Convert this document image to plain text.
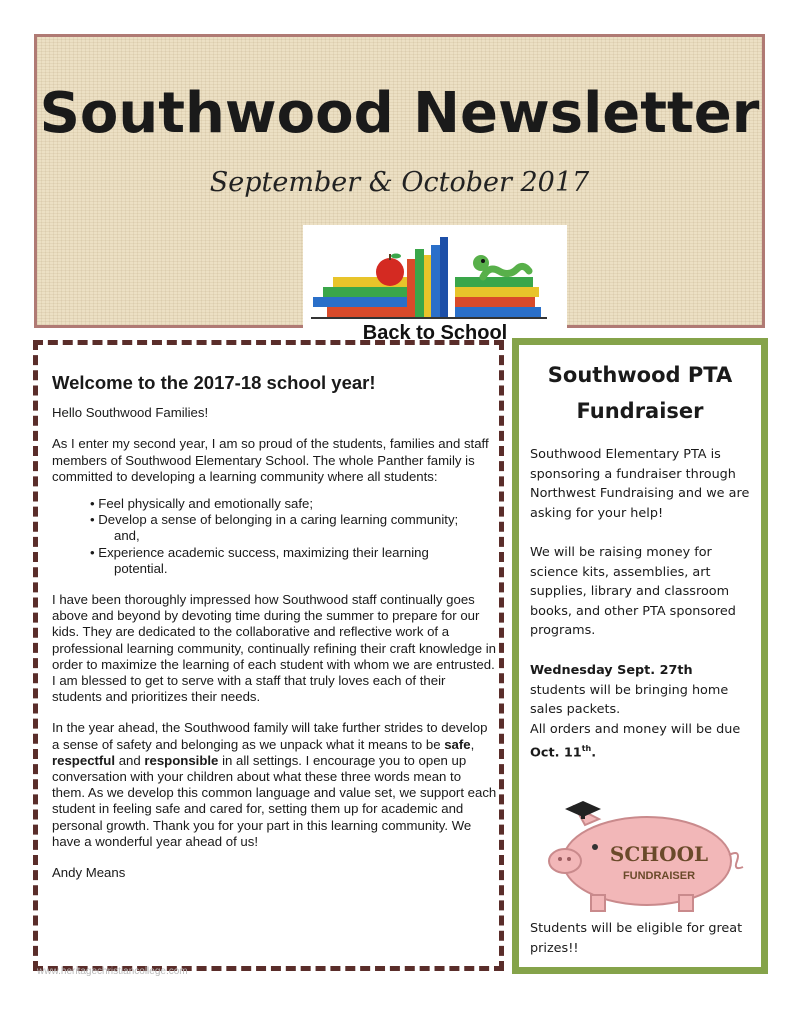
Southwood Newsletter
September & October 2017
Back to School
Welcome to the 2017-18 school year!
Hello Southwood Families!
As I enter my second year, I am so proud of the students, families and staff members of Southwood Elementary School. The whole Panther family is committed to developing a learning community where all students:
• Feel physically and emotionally safe;
• Develop a sense of belonging in a caring learning community;
and,
• Experience academic success, maximizing their learning
potential.
I have been thoroughly impressed how Southwood staff continually goes above and beyond by devoting time during the summer to prepare for our kids. They are dedicated to the collaborative and reflective work of a professional learning community, continually refining their craft knowledge in order to maximize the learning of each student with whom we are entrusted. I am blessed to get to serve with a staff that truly loves each of their students and prioritizes their needs.
In the year ahead, the Southwood family will take further strides to develop a sense of safety and belonging as we unpack what it means to be safe, respectful and responsible in all settings. I encourage you to open up conversation with your children about what these three words mean to them. As we develop this common language and value set, we support each student in feeling safe and cared for, setting them up for academic and personal growth. Thank you for your part in this learning community. We have a wonderful year ahead of us!
Andy Means
Southwood PTA
Fundraiser
Southwood Elementary PTA is sponsoring a fundraiser through Northwest Fundraising and we are asking for your help!
We will be raising money for science kits, assemblies, art supplies, library and classroom books, and other PTA sponsored programs.
Wednesday Sept. 27th
students will be bringing home sales packets.
All orders and money will be due
Oct. 11th.
SCHOOL
FUNDRAISER
Students will be eligible for great prizes!!
www.heritagechristiancollege.com
